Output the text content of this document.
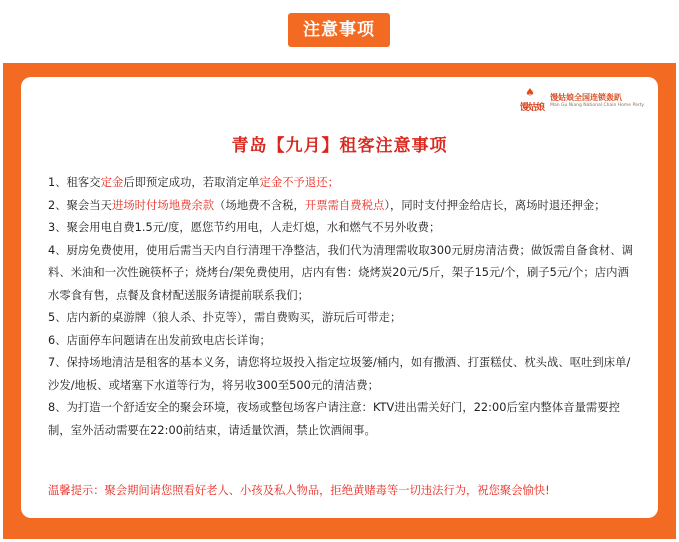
注意事项
♠
馒姑娘
馒姑娘全国连锁轰趴
Man Gu Niang National Chain Home Party
青岛【九月】租客注意事项
1、租客交定金后即预定成功，若取消定单定金不予退还；
2、聚会当天进场时付场地费余款（场地费不含税，开票需自费税点），同时支付押金给店长，离场时退还押金；
3、聚会用电自费1.5元/度，愿您节约用电，人走灯熄，水和燃气不另外收费；
4、厨房免费使用，使用后需当天内自行清理干净整洁，我们代为清理需收取300元厨房清洁费；做饭需自备食材、调料、米油和一次性碗筷杯子；烧烤台/架免费使用，店内有售：烧烤炭20元/5斤，架子15元/个，刷子5元/个；店内酒水零食有售，点餐及食材配送服务请提前联系我们；
5、店内新的桌游牌（狼人杀、扑克等），需自费购买，游玩后可带走；
6、店面停车问题请在出发前致电店长详询；
7、保持场地清洁是租客的基本义务，请您将垃圾投入指定垃圾篓/桶内，如有撒酒、打蛋糕仗、枕头战、呕吐到床单/沙发/地板、或堵塞下水道等行为，将另收300至500元的清洁费；
8、为打造一个舒适安全的聚会环境，夜场或整包场客户请注意：KTV进出需关好门，22:00后室内整体音量需要控制，室外活动需要在22:00前结束，请适量饮酒，禁止饮酒闹事。
温馨提示：聚会期间请您照看好老人、小孩及私人物品，拒绝黄赌毒等一切违法行为，祝您聚会愉快!
